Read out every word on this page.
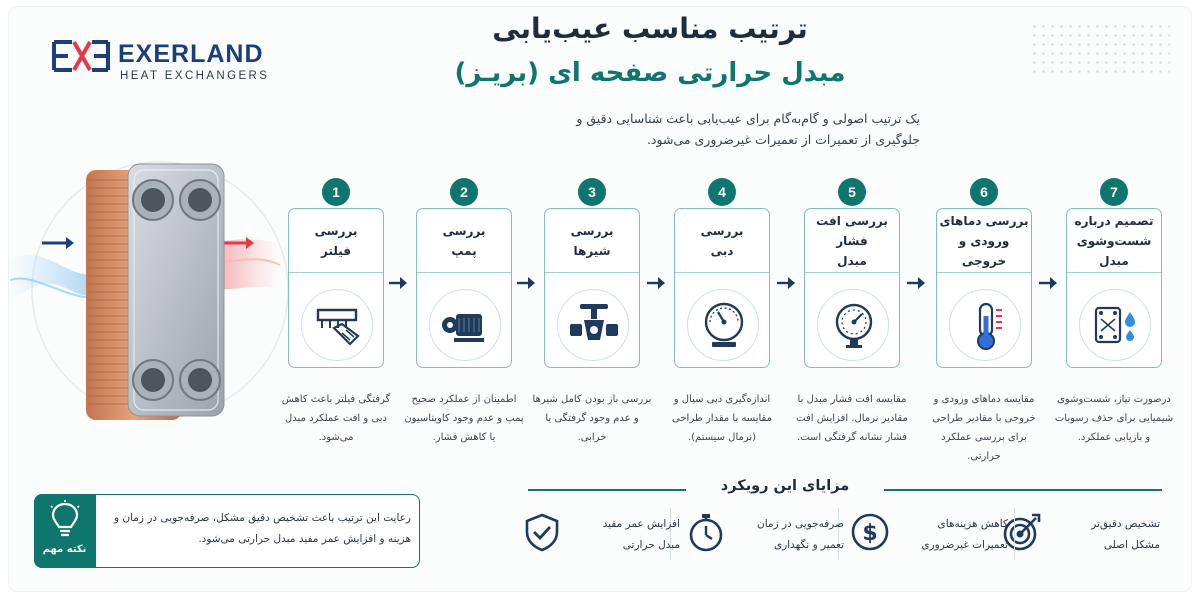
EXERLAND
HEAT EXCHANGERS
ترتیب مناسب عیب‌یابی
مبدل حرارتی صفحه ای (بریـز)
یک ترتیب اصولی و گام‌به‌گام برای عیب‌یابی باعث شناسایی دقیق و جلوگیری از تعمیرات از تعمیرات غیرضروری می‌شود.
7
تصمیم درباره
شست‌وشوی مبدل
درصورت نیاز، شست‌وشوی شیمیایی برای حذف رسوبات و بازیابی عملکرد.
6
بررسی دماهای
ورودی و خروجی
مقایسه دماهای ورودی و خروجی با مقادیر طراحی برای بررسی عملکرد حرارتی.
5
بررسی افت فشار
مبدل
مقایسه افت فشار مبدل با مقادیر نرمال. افزایش افت فشار نشانه گرفتگی است.
4
بررسی
دبی
اندازه‌گیری دبی سیال و مقایسه با مقدار طراحی (نرمال سیستم).
3
بررسی
شیرها
بررسی باز بودن کامل شیرها و عدم وجود گرفتگی یا خرابی.
2
بررسی
پمپ
اطمینان از عملکرد صحیح پمپ و عدم وجود کاویتاسیون یا کاهش فشار.
1
بررسی
فیلتر
گرفتگی فیلتر باعث کاهش دبی و افت عملکرد مبدل می‌شود.
مزایای این رویکرد
تشخیص دقیق‌تر
مشکل اصلی
$	کاهش هزینه‌های
تعمیرات غیرضروری
صرفه‌جویی در زمان
تعمیر و نگهداری
افزایش عمر مفید
مبدل حرارتی
نکته مهم
رعایت این ترتیب باعث تشخیص دقیق مشکل، صرفه‌جویی در زمان و هزینه و افزایش عمر مفید مبدل حرارتی می‌شود.
